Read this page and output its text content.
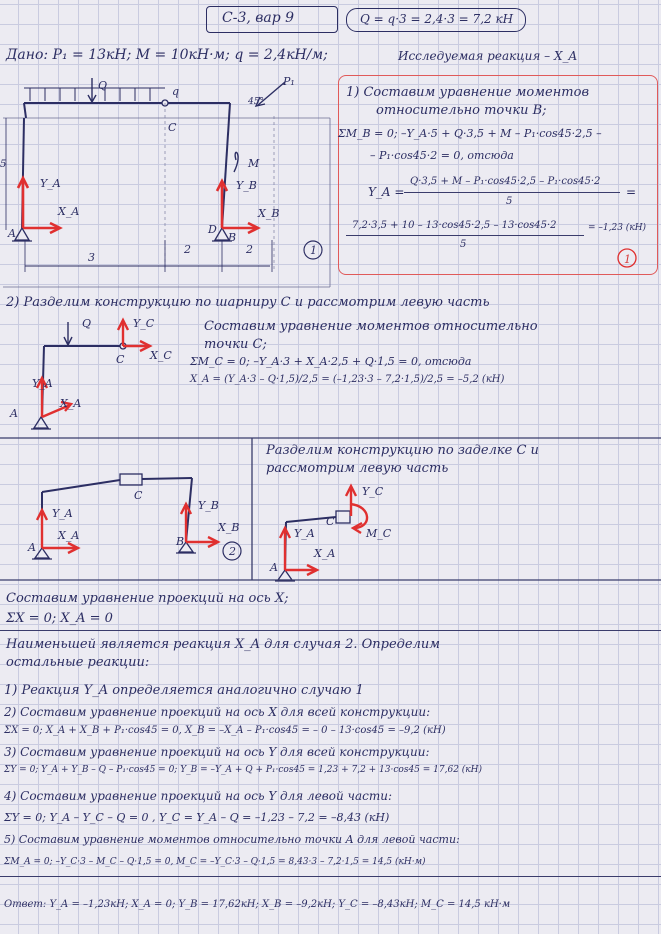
С-3, вар 9	Q = q·3 = 2,4·3 = 7,2 кН
Дано: P₁ = 13кН; M = 10кН·м; q = 2,4кН/м;	Исследуемая реакция – X_A
Q	q
P₁
45°
C
M
Y_A
X_A
A
Y_B
X_B
D
B
3
2	2
5
1
1) Составим уравнение моментов
относительно точки B;
ΣM_B = 0; –Y_A·5 + Q·3,5 + M – P₁·cos45·2,5 –
– P₁·cos45·2 = 0, отсюда
Y_A =
Q·3,5 + M – P₁·cos45·2,5 – P₁·cos45·2
5
=
7,2·3,5 + 10 – 13·cos45·2,5 – 13·cos45·2
5
= –1,23 (кН)
1
2) Разделим конструкцию по шарниру C и рассмотрим левую часть
Q	Y_C
C X_C
Y_A
X_A
A
Составим уравнение моментов относительно
точки C;
ΣM_C = 0; –Y_A·3 + X_A·2,5 + Q·1,5 = 0, отсюда
X_A = (Y_A·3 – Q·1,5)/2,5 = (–1,23·3 – 7,2·1,5)/2,5 = –5,2 (кН)
C
Y_A
X_A
A
Y_B
X_B
B
2
Разделим конструкцию по заделке C и
рассмотрим левую часть
Y_C
C
M_C
Y_A
X_A
A
Составим уравнение проекций на ось X;
ΣX = 0; X_A = 0
Наименьшей является реакция X_A для случая 2. Определим
остальные реакции:
1) Реакция Y_A определяется аналогично случаю 1
2) Составим уравнение проекций на ось X для всей конструкции:
ΣX = 0; X_A + X_B + P₁·cos45 = 0, X_B = –X_A – P₁·cos45 = – 0 – 13·cos45 = –9,2 (кН)
3) Составим уравнение проекций на ось Y для всей конструкции:
ΣY = 0; Y_A + Y_B – Q – P₁·cos45 = 0; Y_B = –Y_A + Q + P₁·cos45 = 1,23 + 7,2 + 13·cos45 = 17,62 (кН)
4) Составим уравнение проекций на ось Y для левой части:
ΣY = 0; Y_A – Y_C – Q = 0 , Y_C = Y_A – Q = –1,23 – 7,2 = –8,43 (кН)
5) Составим уравнение моментов относительно точки A для левой части:
ΣM_A = 0; –Y_C·3 – M_C – Q·1,5 = 0, M_C = –Y_C·3 – Q·1,5 = 8,43·3 – 7,2·1,5 = 14,5 (кН·м)
Ответ: Y_A = –1,23кН; X_A = 0; Y_B = 17,62кН; X_B = –9,2кН; Y_C = –8,43кН; M_C = 14,5 кН·м
